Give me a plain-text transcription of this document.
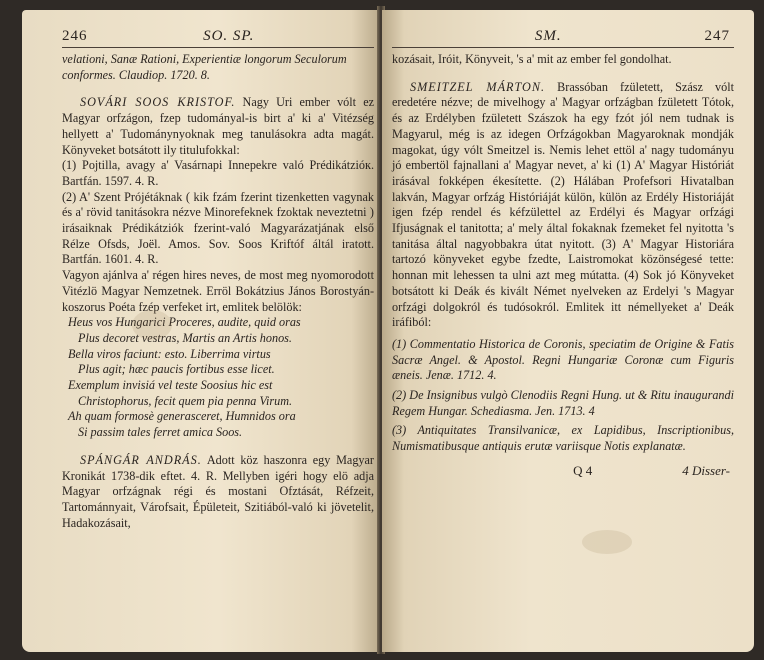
246	SO. SP.

velationi, Sanæ Rationi, Experientiæ longorum Seculorum

conformes. Claudiop. 1720. 8.

SOVÁRI SOOS KRISTOF. Nagy Uri ember vólt ez Magyar orfzágon, fzep tudományal-is birt a' ki a' Vitézség hellyett a' Tudománynyoknak meg tanulásokra adta magát. Könyveket botsátott ily titulufokkal:

(1) Pojtilla, avagy a' Vasárnapi Innepekre való Prédikátzióк. Bartfán. 1597. 4. R.

(2) A' Szent Prójétáknak ( kik fzám fzerint tizenketten vagynak és a' rövid tanitásokra nézve Minorefeknek fzoktak neveztetni ) irásaiknak Prédikátziók fzerint-való Magyarázatjának első Rélze Ofsds, Joël. Amos. Sov. Soos Kriftóf áltál iratott. Bartfán. 1601. 4. R.

Vagyon ajánlva a' régen hires neves, de most meg nyomorodott Vitézlö Magyar Nemzetnek. Erröl Bokátzius János Borostyán-koszorus Poéta fzép verfeket irt, emlitek belölök:

Heus vos Hungarici Proceres, audite, quid oras

Plus decoret vestras, Martis an Artis honos.

Bella viros faciunt: esto. Liberrima virtus

Plus agit; hæc paucis fortibus esse licet.

Exemplum invisiá vel teste Soosius hic est

Christophorus, fecit quem pia penna Virum.

Ah quam formosè generasceret, Humnidos ora

Si passim tales ferret amica Soos.

SPÁNGÁR ANDRÁS. Adott köz haszonra egy Magyar Kronikát 1738-dik eftet. 4. R. Mellyben igéri hogy elö adja Magyar orfzágnak régi és mostani Ofztását, Réfzeit, Tartománnyait, Várofsait, Épületeit, Szitiából-való ki jövetelit, Hadakozásait,

SM.	247

kozásait, Iróit, Könyveit, 's a' mit az ember fel gondolhat.

SMEITZEL MÁRTON. Brassóban fzületett, Szász vólt eredetére nézve; de mivelhogy a' Magyar orfzágban fzületett Tótok, és az Erdélyben fzületett Szászok ha egy fzót jól nem tudnak is Magyarul, még is az idegen Orfzágokban Magyaroknak mondják magokat, úgy vólt Smeitzel is. Nemis lehet ettöl a' nagy tudományu jó embertöl fajnallani a' Magyar nevet, a' ki (1) A' Magyar Históriát irásával fokképen ékesítette. (2) Hálában Profefsori Hivatalban lakván, Magyar orfzág Históriáját külön, külön az Erdély Historiáját igen fzép rendel és kéfzülettel az Erdélyi és Magyar orfzági Ifjuságnak el tanitotta; a' mely által fokaknak fzemeket fel nyitotta 's tanitása által nagyobbakra útat nyitott. (3) A' Magyar Historiára tartozó könyveket egybe fzedte, Laistromokat közönségesé tette: honnan mit lehessen ta ulni azt meg mútatta. (4) Sok jó Könyveket botsátott ki Deák és kivált Német nyelveken az Erdelyi 's Magyar orfzági dolgokról és tudósokról. Emlitek itt némellyeket a' Deák iráfiból:

(1) Commentatio Historica de Coronis, speciatim de Origine & Fatis Sacræ Angel. & Apostol. Regni Hungariæ Coronæ cum Figuris æneis. Jenæ. 1712. 4.

(2) De Insignibus vulgò Clenodiis Regni Hung. ut & Ritu inaugurandi Regem Hungar. Schediasma. Jen. 1713. 4

(3) Antiquitates Transilvanicæ, ex Lapidibus, Inscriptionibus, Numismatibusque antiquis erutæ variisque Notis explanatæ.

Q 4	4 Disser-
